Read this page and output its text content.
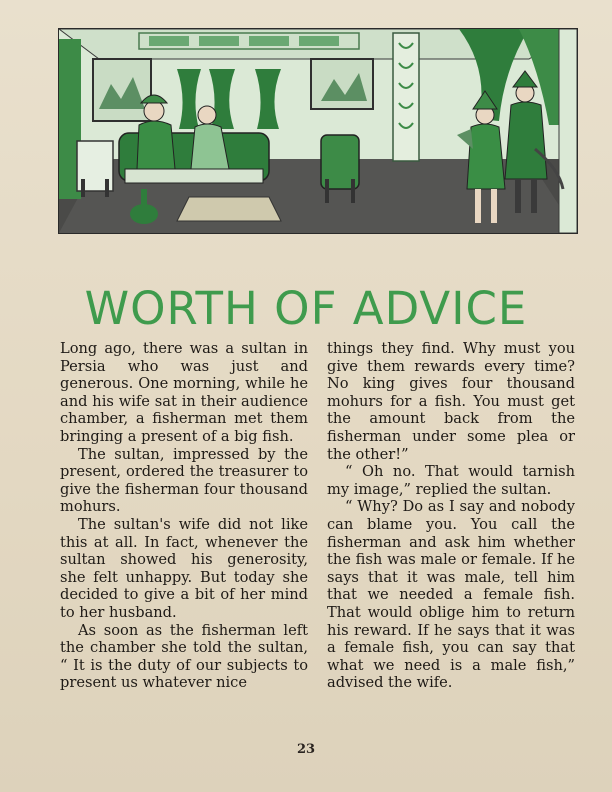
WORTH OF ADVICE

Long ago, there was a sultan in Persia who was just and generous. One morning, while he and his wife sat in their audience chamber, a fisherman met them bringing a present of a big fish.

The sultan, impressed by the present, ordered the treasurer to give the fisherman four thousand mohurs.

The sultan's wife did not like this at all. In fact, whenever the sultan showed his generosity, she felt unhappy. But today she decided to give a bit of her mind to her husband.

As soon as the fisherman left the chamber she told the sultan, “ It is the duty of our subjects to present us whatever nice

things they find. Why must you give them rewards every time? No king gives four thousand mohurs for a fish. You must get the amount back from the fisherman under some plea or the other!”

“ Oh no. That would tarnish my image,” replied the sultan.

“ Why? Do as I say and nobody can blame you. You call the fisherman and ask him whether the fish was male or female. If he says that it was male, tell him that we needed a female fish. That would oblige him to return his reward. If he says that it was a female fish, you can say that what we need is a male fish,” advised the wife.

23
